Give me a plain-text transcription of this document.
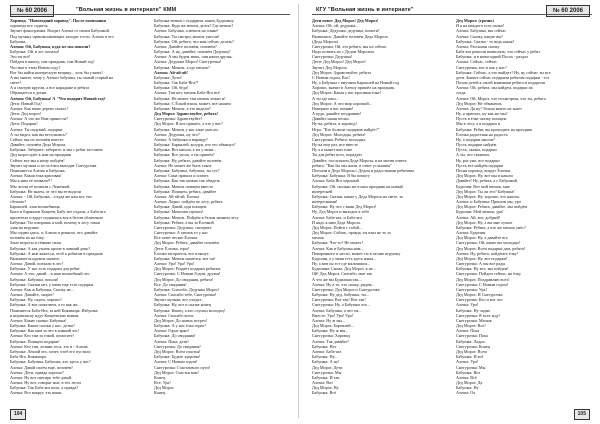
№ 60 2006	"Вольная жизнь в интернате" КММ
Хоровод. "Новогодний хоровод". После окончания
хоровода все садятся.
Звучит фонограмма. Входит Алеша со своим Бабушкой.
Под музыку приплясывающих заходят гости. Алеша и его
Бабушка.
Алеша: Ой, Бабушка, куда же мы попали?
Бабушка: Ой, в лес попали!
Это ты всё!
Пойдем в школу, там праздник, там Новый год!
Что мне в этом Новом году?
Вот бы найти интересную вещицу... хоть бы узнать!
А вы знаете, чему у Алеши бабушка, ты самый старый на
свете?
А я смотрю кругом, а все нарядные и ребята
Обращается к детям.
Алеша: Ой, Бабушка! А "Что подарит Новый год?
Дети: Новый Год!
Алеша: Как ваше дерево сказал?
Дети: Дед мороз!
Алеша: А что же Вам принести?
Дети: Подарки!
Алеша: Ты подумай, подарки.
А ты видел, как вы веселились?
Сейчас мы их позовём вместе.
Давайте, позовём Деда Мороза.
Бабушка: Заберите, заберите, и мы с ребят застанем
Дед мороз идёт к нам на праздник
Сейчас все мы к нему пойдём!
Звучит музыка и из-за ёлки выходит Снегурочка
Появляются Алеша и Бабушка.
Алеша: Какая ёлка красивая!
Мы к ним её позвали!!!
Мы лесом её позвали с Леночкой.
Бабушка: Не знаем, от что вы ее видели
Алеша: - Ой, Бабушка... а куда же нам все эти
сбежать?
Бармалей, злая волшебница.
Бьют в Бармалеи Кощеев, Бабу-яге отдали, а Баба-яга
прилетела и вдруг поднялась вся в белом облачении
Бабушка: Ты говоришь я мой, почему в лесу такая
злая на игрушке
Мы сидим здесь, и Алеша и решили, что давайте
позовём их на ёлку.
Злые моросы и тёмные силы
Бабушка: А как узнать кроме в зимний день?
Бабушка: А мне кажется, чтоб к ребятам в праздник
Вызывается кружок нашего.
Алеша: Давай, поехали в лес!
Бабушка: У нас есть подарки для ребят.
Алеша: А что, давай... в наш волшебный лес.
Бабушка: Бабушка, пошли!
Бабушка: Сказки нет, у меня еще есть подарки.
Алеша: Как ж Бабушка, Сказку не...
Алеша: Давайте, скорее!
Бабушка: Ну, сядем, хорошо!
Бабушка: А вот пожелаем, а то как же...
Появляется Баба-Яга, за ней Кикимора. Избушка
и вприпляску идут Кощеевские воины.
Алеша: Какие сказки, Бабушка!
Бабушка: Какие сказки у нас, детки!
Бабушка: Как нам за что в зимний лес!
Алеша: Кто там за елкой, помогите!
Бабушка: Поищем подарки!
Алеша: Кто там, хозяин леса, это я - Алеша.
Бабушка: Леший это, хочет, чтоб его пустили
Баба Яга, Кикимора.
Бабушка: Бабушка, Бабушка, кто здесь у вас?
Алеша: Давай споём ещё, позовём!
Алеша: Дети, правда хорошо?
Алеша: Ну вот снегирь тебе давай.
Алеша: Ну вот, говорят мне, в тех лесах
Бабушка: Так Баба-яга волк, а правда?
Алеша: Все вокруг, это ваши.
Бабушка мешок с подарком, конец Будилину.
Бабушка: Куда же мешок делся? Где мешок?
Алеша: Бабушка, а мешок на спине!
Бабушка: Ты смотри, мешок унесли!
Бабушка: Ой, ребята, что нам сейчас делать?
Алеша: Давайте позовём, позовём?
Бабушка: А ну, давайте, позовём Дедушку!
Алеша: А мы будем звать, они наши друзья.
Алеша: Дедушка Мороз! Снегурочка!
Бабушка: Мешок, а где мешок?
Алеша: Ай-ай-ай!
Бабушка: Дети!
Бабушка: Так Баба-Яга?!
Бабушка: Ой, беда!
Алеша: Там нет, мешок Баба-Яга всё
Бабушка: Не может там мешок лежит и!
Бабушка: С Ёлкой взяла, может, всё нашим
Бабушка: Мешок, а это видели?
Дед Мороз: Здравствуйте, ребята!
Снегурочка: Здравствуйте!
Дед Мороз: Я вот пришёл, а что у вас?
Бабушка: Мешок у нас злые унесли.
Алеша: Дедушка, ну что?
Алеша: А бабушка и вправду?
Бабушка: Бармалей, колдун, кто его обманул?
Бабушка: Вот нашла, а ты у меня...
Бабушка: Все ушли, а ты пришёл!
Бабушка: Ну, ребята, давайте позовём
Алеша: Не может же быть такое
Бабушка: Бабушка, бабушка, ты тут?
Алеша: Сама пришла и плачет.
Бабушка: Как так можно так обидеть
Бабушка: Мешок поищем вместе.
Бабушка: Поищем, ребята, давайте
Алеша: Ай-ай-ай, Ёлочка
Алеша: Ладно, пойдём по лесу, ребята
Бабушка: Давай, иди поищем
Бабушка: Мешочек пропал!
Бабушка: Мешок. Пойдём в белом зимнем лесу
Бабушка: Ребята, а вы за Ёлочкой
Снегурочка: Дедушка, смотрите
Снегурочка: А мешок то у нас
Все поют песню Ёлочка.
Дед Мороз: Ребята, давайте позовём
Дети: Ёлочка, гори!
Ёлочка загорается, все пляшут.
Бабушка: Мешок нашёлся, вот он!
Алеша: Ура! Ура! Ура!
Дед Мороз: Раздаёт подарки ребятам.
Снегурочка: С Новым Годом, друзья!
Дед Мороз: До свидания, ребята!
Все: До свидания!
Бабушка: Спасибо, Дедушка Мороз!
Алеша: Спасибо тебе, Снегурочка!
Звучит музыка, все уходят.
Бабушка: Ну, вот и сказке конец
Бабушка: Конец, а кто слушал молодец!
Алеша: Спасибо всем.
Дед Мороз: До новых встреч!
Бабушка: А у нас ёлка горит!
Алеша: Горит ярко!
Бабушка: До свидания!
Алеша: Пока, дети!
Снегурочка: До свидания!
Дед Мороз: Всем счастья!
Бабушка: Будьте здоровы!
Алеша: С Новым годом!
Снегурочка: Счастливого пути!
Дед Мороз: Счастья вам!
Конец.
Все: Ура!
Дед Мороз
Конец.
104
КГУ "Вольная жизнь в интернате"	№ 60 2006
Дети поют: Дед Мороз! Дед Мороз!
Алеша: Ой, ой, дедушка...
Бабушка: Дедушка, дедушка, помоги!
Вызвались: Давайте позовём Деда Мороза
(Деда Мороза)
Снегурочка: Ой, это ребята, мы их сейчас
Надо позвать их с Дедом Морозом.
Снегурочка: Дедушка!
Дети: Дед Мороз! Дед Мороз!
Звучит Дед Мороза
Дед Мороз: Здравствуйте, ребята
С Новым годом, Вас!
Ну, а Бабушка с внучком Бармалей на Новый год
Хорошо, значит в Алешу пришёл на праздник.
Дед Мороз: Какая у вас красивая ёлка!
А ты где наш...
Дед Мороз: А что мир хороший...
Наверное я вас помню!
А куда, давайте поздравим!
Давайте наши песни.
Ну-ка, ребята, в хоровод!
Игра: "Кто больше подарков найдёт?"
Дед Мороз: Молодцы, ребята!
Снегурочка: Ребята, молодцы.
Ну-ка еще раз, все вместе
Ну а я может вам тоже
Ты для ребят всех, порадую.
Давайте, послушаем Деда Мороза, и на мотив ответа
ребята: "Как бы мы жили, в ответ услышим"
Поехали в Деда Мороза с Дедом и радостными ребятами.
Бабушка: Бабушка: Я бы помогу
Алеша: Баба Яга хороший
Бабушка: Ой, сколько же в наш праздник на новый
интересней
Бабушка: Сказки, какие у Деда Мороза на свете, то
интересными!
Бабушка: Ну что с вами Дед Мороз!
Ну, Дед Мороз и выходит к тебе
Алеша: Баба-яга, и Баба-яга
И надо к ним Деда Мороза.
Дед Мороз: Пойти с тобой...
Дед Мороз: Сейчас, правда, ты взял не то за
мешок
Бабушка: Что-то? Не может!
Алеша: Как и Бабушка нам...
Поваренного и нести, может ты в песню игрушку
Будилин, а у меня есть здесь наша...
Ну, а кем он ест где мальчиком...
Будилина: Снова, Дед Мороз, я не...
Ой! Дед Мороз, Спасибо, мне так
А что же вы Будилина так...
Алеша: Ну а то, что скажу, рядом...
Снегурочка: Дед Мороз и Снегурочка
Бабушка: Ну дед, бабушка, ты...
Снегурочка: Вот так! Вот так!
Снегурочка: Ну, а Бабушка что...
Алеша: Бабушка, а что ты...
Вместе: Ура! Ура! Ура!
Алеша: Ну ж мы...
Дед Мороз: Бармалей...
Бабушка: Ну ж мы...
Снегурочка: Хоровод
Алеша: Так давайте!
Бабушка: Нет
Алеша: Баба-яга
Бабушка: Ну...
Бабушка: А ну!
Дед Мороз: Дети
Снегурочка: Мы
Бабушка: И так
Алеша: Вот
Дед Мороз: Ну
Бабушка: Всё
Дед Мороз: (грозно)
И я на каждого есть палка!
Алеша: Бабушка, мы сейчас
Алеша: Сказку, какую вы?
Бабушка: Сказка - то ведь какая!
Алеша: Расскажи сказку
Баба-яга решили вызволять, что сейчас у ребят
Бабушка: и в новогодний Посох - раздал
Алеша: Сейчас, сейчас
Снегурочка, вот и как у нас?
Бабушка: Сейчас, а что выйдет? Ну, ну сейчас ты все
дети. Значит сейчас подарили ребятам подарки - тот
Потом детей к своей компании ребята и подарили
Алеша: Ой, ребята, мы найдем, подарки их
тогда.
Алеша: Ой, Мороз, что посмотрим, что ты, ребята
Дед Мороз: Не обманешь
Алеша: Да ну! Только никто не знает
Ну, я приехал, ну как же мы?
Пусть в ёлке сказку поищем
Мы в лесу, а я подарки и
Бабушка: Ребят, вы приходите на праздник
Ёлочка радостная на радость
Ну, а подарки нашли?
Пусть подарки найдём
Пусть, сказка, подарки
А ты, что скажешь
Ну, раз уже, все подарки
Пусть все найдём подарки
Песня хоровод, вокруг Ёлочки
Дед Мороз: Ну, вот мы и нашли
Давайте! Ну, ребята, а с Бабушкой.
Будилин: Вот мой мешок, мне
Дед Мороз: Ты ли это? Бабушка!
Дед Мороз: Ну, хорошо, что нашли.
Алеша: и Бабушка: Пришли мы, ура
Дед Мороз: Ребята, давайте, мы пойдём
Будилин: Мой мешок, ура!
Алеша: Ай, вот, добрый!
Дед Мороз: Ну, а вы мне лучше
Бабушка: Ребята, а кто же мешок унёс?
Алеша: Будилин
Дед Мороз: Ну, а давайте все
Снегурочка: Ой, какие вы молодцы!
Дед Мороз: Всем подарки дам, ребята!
Алеша: Ну, ребята, пойдёмте ёлку!
Дед Мороз: Ну, вот подарки!
Снегурочка: А мы все рады
Бабушка: Ну все, мы пойдем!
Снегурочка: Пойдем сейчас, на ёлку
Дед Мороз: Поздравляю всех!
Снегурочка: С Новым годом!
Снегурочка: Ура!
Дед Мороз: И Снегурочка
Снегурочка: Кто и вот что
Алеша: Ура!
Бабушка: Ну ладно
Снегурочка: Я всех жду!
Снегурочка: Мешок
Дед Мороз: Вот!
Алеша: Пока
Снегурочка: Пока
Бабушка: Ладно
Снегурочка: Конец
Дед Мороз: Всем
Бабушка: И всё
Алеша: Ура!
Снегурочка: Мы
Бабушка: Вот
Алеша: Всё
Дед Мороз: Да
Бабушка: Ну
Алеша: Ох
105
